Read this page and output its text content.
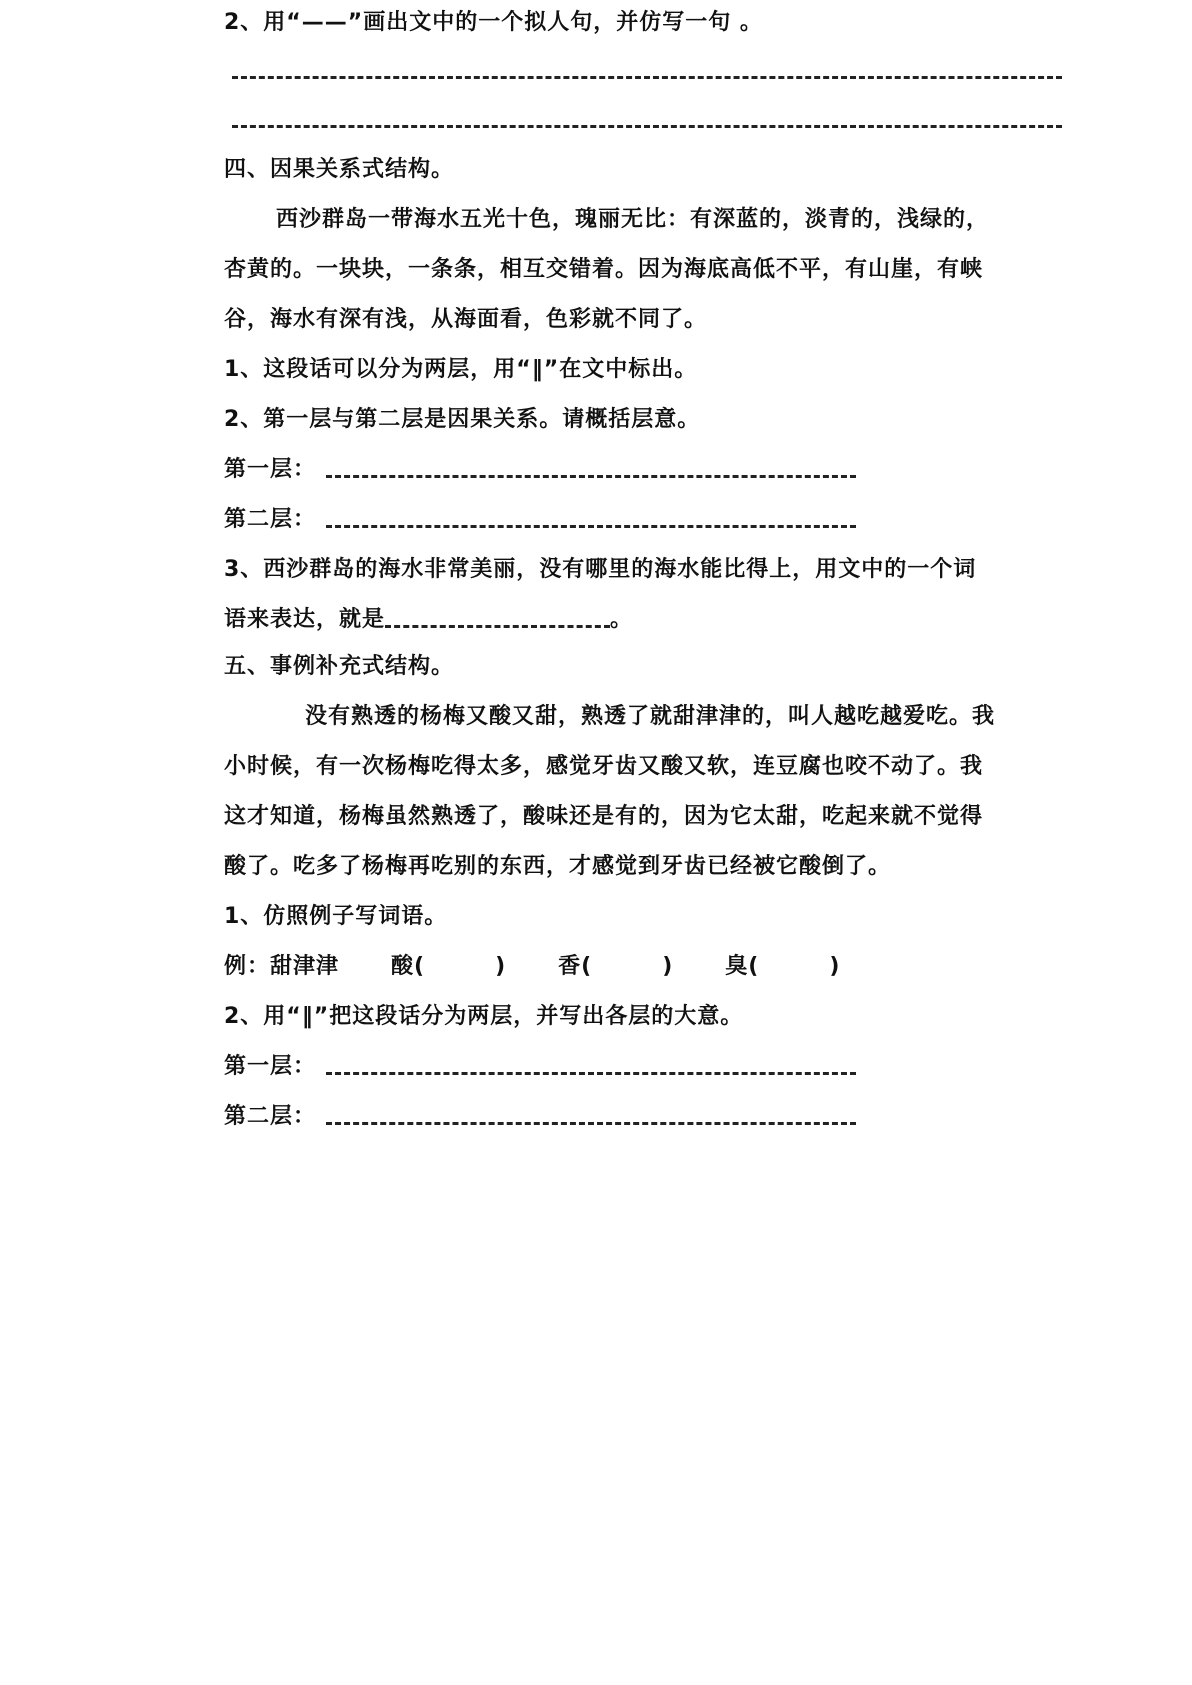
2、用“——”画出文中的一个拟人句，并仿写一句 。
四、因果关系式结构。
西沙群岛一带海水五光十色，瑰丽无比：有深蓝的，淡青的，浅绿的，
杏黄的。一块块，一条条，相互交错着。因为海底高低不平，有山崖，有峡
谷，海水有深有浅，从海面看，色彩就不同了。
1、这段话可以分为两层，用“‖”在文中标出。
2、第一层与第二层是因果关系。请概括层意。
第一层：
第二层：
3、西沙群岛的海水非常美丽，没有哪里的海水能比得上，用文中的一个词
语来表达，就是	。
五、事例补充式结构。
没有熟透的杨梅又酸又甜，熟透了就甜津津的，叫人越吃越爱吃。我
小时候，有一次杨梅吃得太多，感觉牙齿又酸又软，连豆腐也咬不动了。我
这才知道，杨梅虽然熟透了，酸味还是有的，因为它太甜，吃起来就不觉得
酸了。吃多了杨梅再吃别的东西，才感觉到牙齿已经被它酸倒了。
1、仿照例子写词语。
例：甜津津 酸(	) 香(	) 臭(	)
2、用“‖”把这段话分为两层，并写出各层的大意。
第一层：
第二层：
